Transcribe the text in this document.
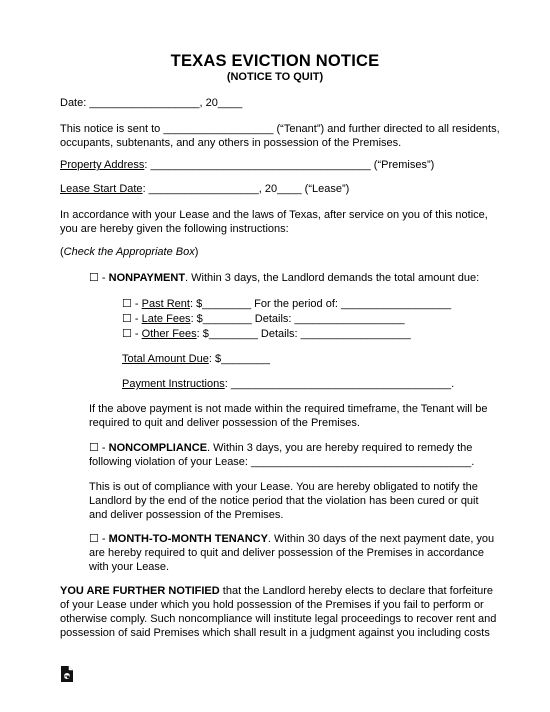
TEXAS EVICTION NOTICE
(NOTICE TO QUIT)
Date: __________________, 20____
This notice is sent to __________________ (“Tenant”) and further directed to all residents,
occupants, subtenants, and any others in possession of the Premises.
Property Address: ____________________________________ (“Premises”)
Lease Start Date: __________________, 20____ (“Lease”)
In accordance with your Lease and the laws of Texas, after service on you of this notice,
you are hereby given the following instructions:
(Check the Appropriate Box)
☐ - NONPAYMENT. Within 3 days, the Landlord demands the total amount due:
☐ - Past Rent: $________ For the period of: __________________
☐ - Late Fees: $________ Details: __________________
☐ - Other Fees: $________ Details: __________________
Total Amount Due: $________
Payment Instructions: ____________________________________.
If the above payment is not made within the required timeframe, the Tenant will be
required to quit and deliver possession of the Premises.
☐ - NONCOMPLIANCE. Within 3 days, you are hereby required to remedy the
following violation of your Lease: ____________________________________.
This is out of compliance with your Lease. You are hereby obligated to notify the
Landlord by the end of the notice period that the violation has been cured or quit
and deliver possession of the Premises.
☐ - MONTH-TO-MONTH TENANCY. Within 30 days of the next payment date, you
are hereby required to quit and deliver possession of the Premises in accordance
with your Lease.
YOU ARE FURTHER NOTIFIED that the Landlord hereby elects to declare that forfeiture
of your Lease under which you hold possession of the Premises if you fail to perform or
otherwise comply. Such noncompliance will institute legal proceedings to recover rent and
possession of said Premises which shall result in a judgment against you including costs
